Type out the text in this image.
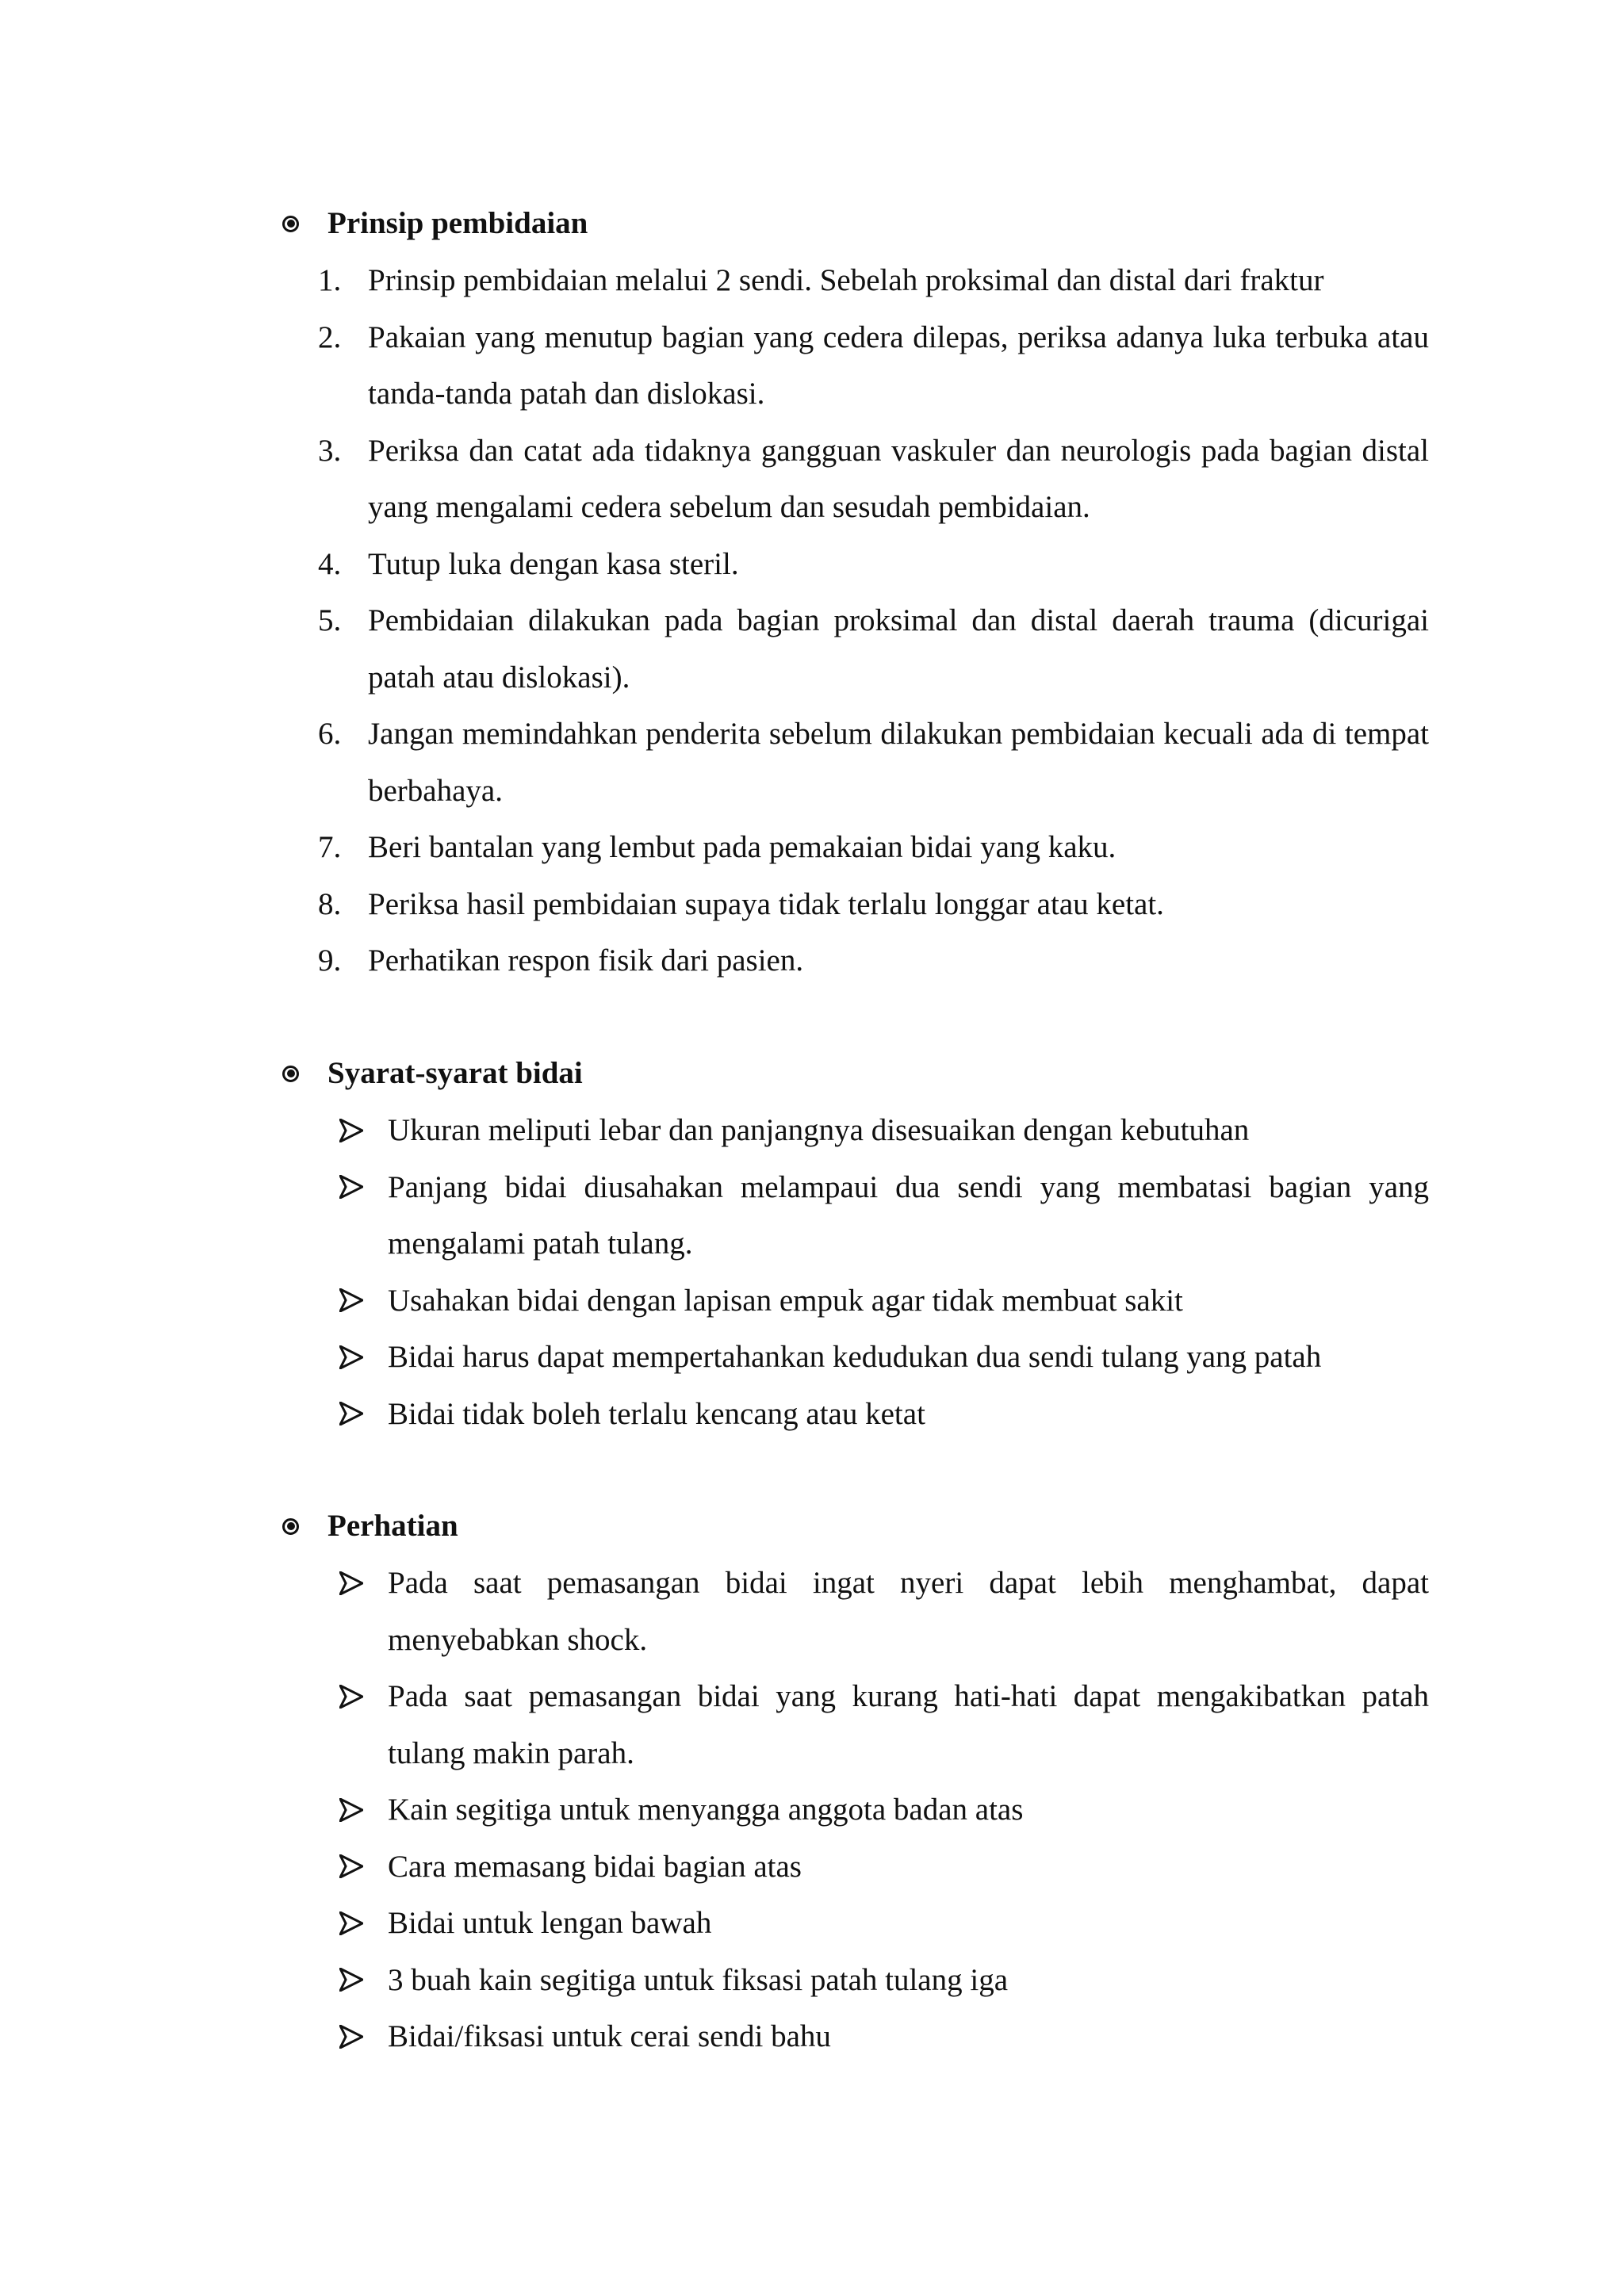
Prinsip pembidaian
1. Prinsip pembidaian melalui 2 sendi. Sebelah proksimal dan distal dari fraktur
2. Pakaian yang menutup bagian yang cedera dilepas, periksa adanya luka terbuka atau tanda-tanda patah dan dislokasi.
3. Periksa dan catat ada tidaknya gangguan vaskuler dan neurologis pada bagian distal yang mengalami cedera sebelum dan sesudah pembidaian.
4. Tutup luka dengan kasa steril.
5. Pembidaian dilakukan pada bagian proksimal dan distal daerah trauma (dicurigai patah atau dislokasi).
6. Jangan memindahkan penderita sebelum dilakukan pembidaian kecuali ada di tempat berbahaya.
7. Beri bantalan yang lembut pada pemakaian bidai yang kaku.
8. Periksa hasil pembidaian supaya tidak terlalu longgar atau ketat.
9. Perhatikan respon fisik dari pasien.
Syarat-syarat bidai
Ukuran meliputi lebar dan panjangnya disesuaikan dengan kebutuhan
Panjang bidai diusahakan melampaui dua sendi yang membatasi bagian yang mengalami patah tulang.
Usahakan bidai dengan lapisan empuk agar tidak membuat sakit
Bidai harus dapat mempertahankan kedudukan dua sendi tulang yang patah
Bidai tidak boleh terlalu kencang atau ketat
Perhatian
Pada saat pemasangan bidai ingat nyeri dapat lebih menghambat, dapat menyebabkan shock.
Pada saat pemasangan bidai yang kurang hati-hati dapat mengakibatkan patah tulang makin parah.
Kain segitiga untuk menyangga anggota badan atas
Cara memasang bidai bagian atas
Bidai untuk lengan bawah
3 buah kain segitiga untuk fiksasi patah tulang iga
Bidai/fiksasi untuk cerai sendi bahu
